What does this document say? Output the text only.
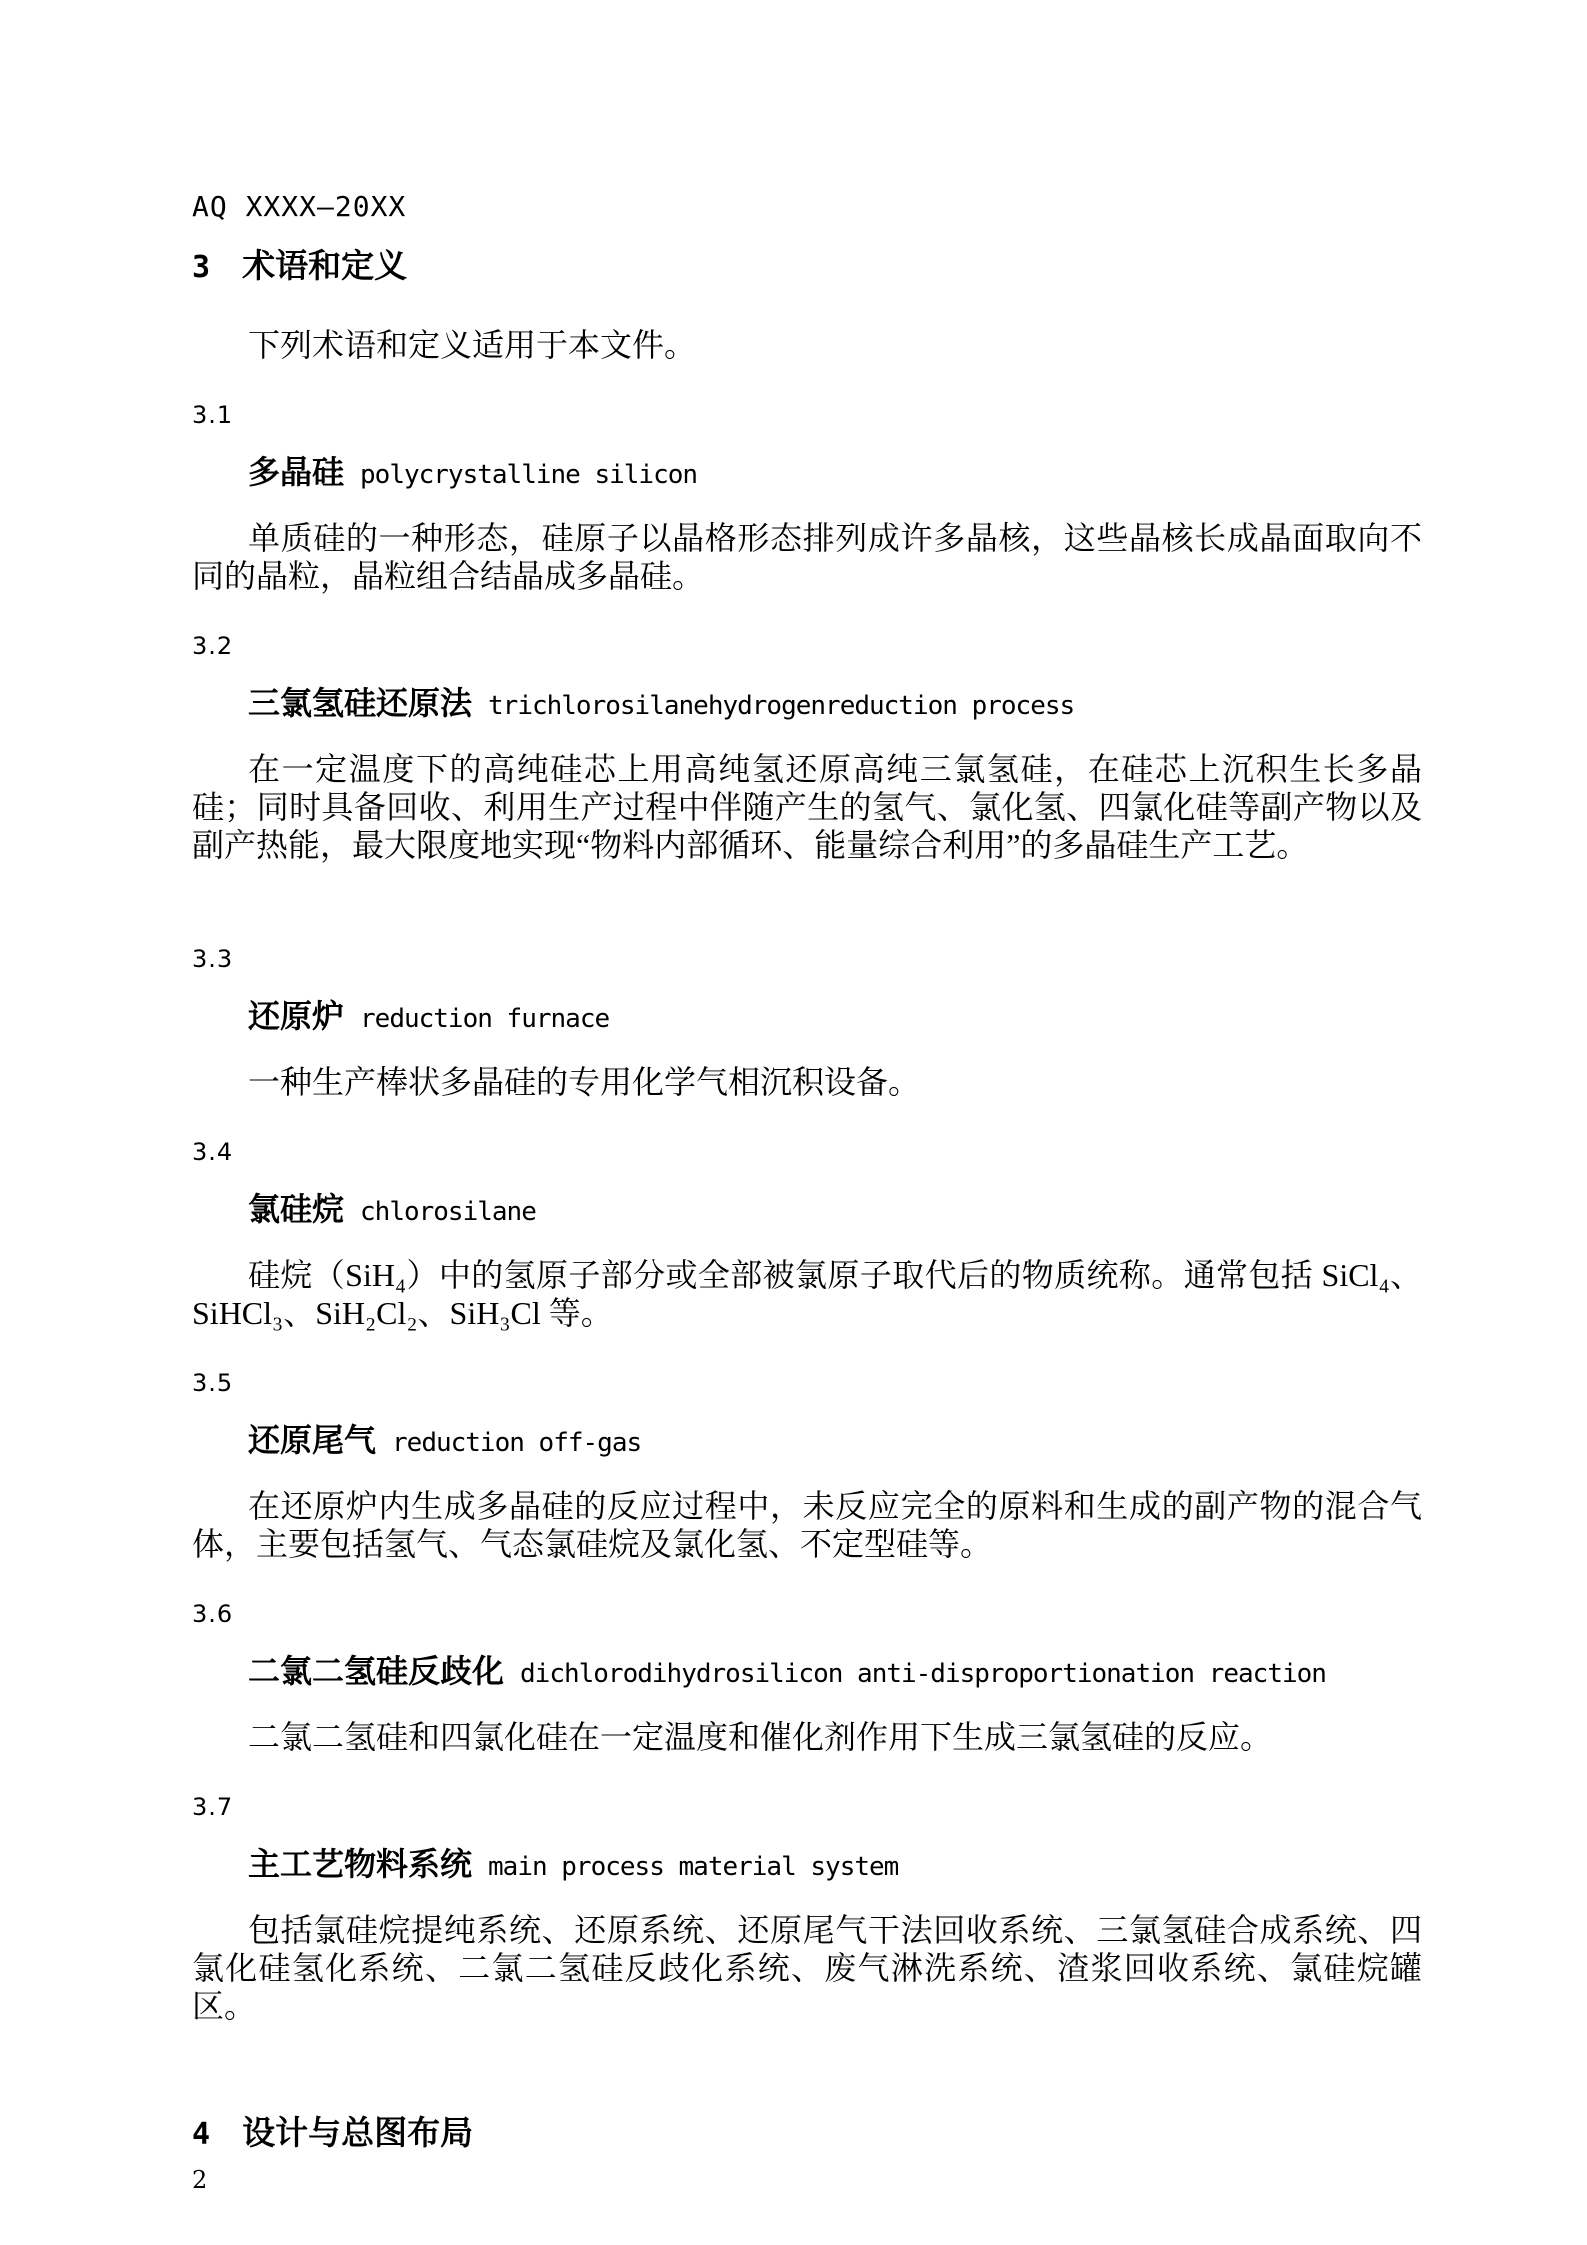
AQ XXXX—20XX
3 术语和定义

下列术语和定义适用于本文件。

3.1
多晶硅 polycrystalline silicon

单质硅的一种形态，硅原子以晶格形态排列成许多晶核，这些晶核长成晶面取向不同的晶粒，晶粒组合结晶成多晶硅。

3.2
三氯氢硅还原法 trichlorosilanehydrogenreduction process

在一定温度下的高纯硅芯上用高纯氢还原高纯三氯氢硅，在硅芯上沉积生长多晶硅；同时具备回收、利用生产过程中伴随产生的氢气、氯化氢、四氯化硅等副产物以及副产热能，最大限度地实现“物料内部循环、能量综合利用”的多晶硅生产工艺。

3.3
还原炉 reduction furnace

一种生产棒状多晶硅的专用化学气相沉积设备。

3.4
氯硅烷 chlorosilane

硅烷（SiH₄）中的氢原子部分或全部被氯原子取代后的物质统称。通常包括 SiCl₄、SiHCl₃、SiH₂Cl₂、SiH₃Cl 等。

3.5
还原尾气 reduction off-gas

在还原炉内生成多晶硅的反应过程中，未反应完全的原料和生成的副产物的混合气体，主要包括氢气、气态氯硅烷及氯化氢、不定型硅等。

3.6
二氯二氢硅反歧化 dichlorodihydrosilicon anti-disproportionation reaction

二氯二氢硅和四氯化硅在一定温度和催化剂作用下生成三氯氢硅的反应。

3.7
主工艺物料系统 main process material system

包括氯硅烷提纯系统、还原系统、还原尾气干法回收系统、三氯氢硅合成系统、四氯化硅氢化系统、二氯二氢硅反歧化系统、废气淋洗系统、渣浆回收系统、氯硅烷罐区。

4 设计与总图布局
2
